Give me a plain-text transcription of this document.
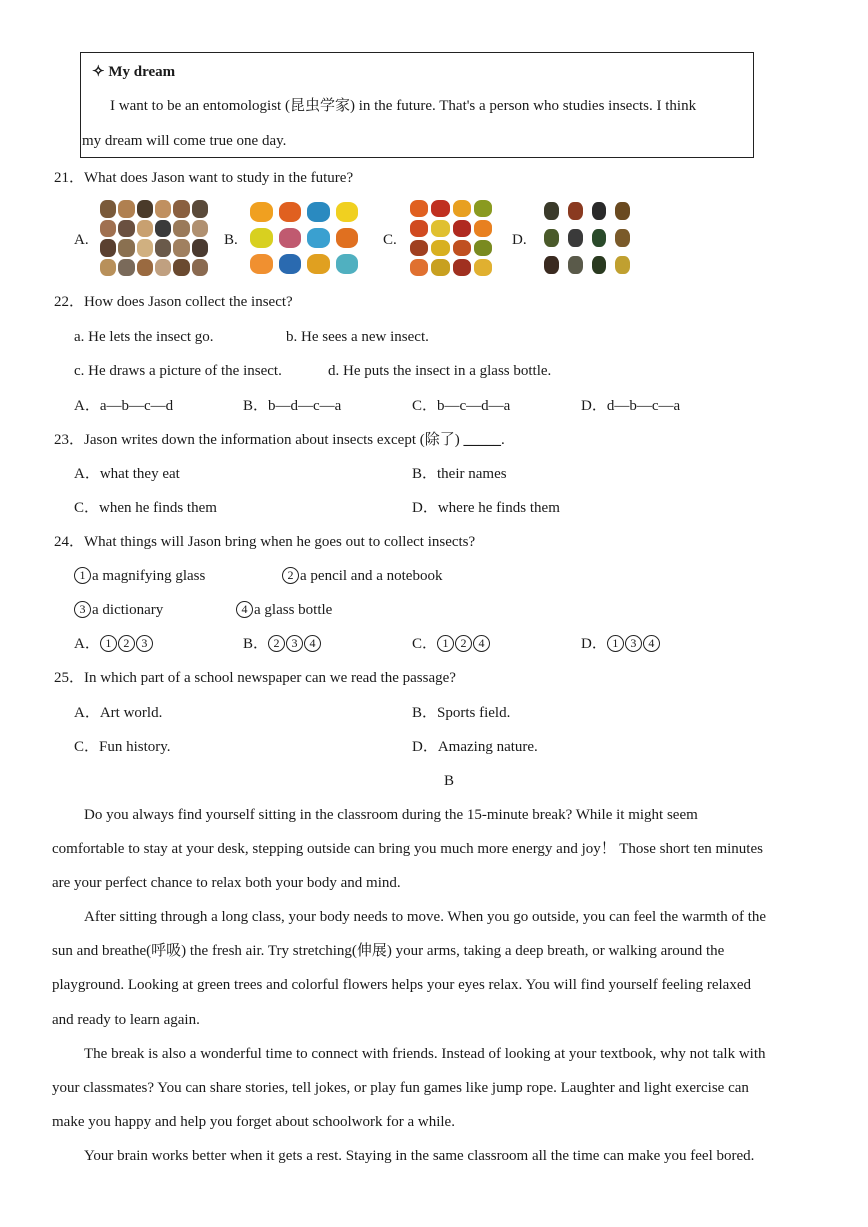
✧ My dream
I want to be an entomologist (昆虫学家) in the future. That's a person who studies insects. I think
my dream will come true one day.
21．What does Jason want to study in the future?
A.	B.	C.	D.
22．How does Jason collect the insect?
a. He lets the insect go.	b. He sees a new insect.
c. He draws a picture of the insect.	d. He puts the insect in a glass bottle.
A．a—b—c—d	B．b—d—c—a	C．b—c—d—a	D．d—b—c—a
23．Jason writes down the information about insects except (除了) _____.
A．what they eat	B．their names
C．when he finds them	D．where he finds them
24．What things will Jason bring when he goes out to collect insects?
1 a magnifying glass	2 a pencil and a notebook
3 a dictionary	4 a glass bottle
A． 1 2 3	B． 2 3 4	C． 1 2 4	D． 1 3 4
25．In which part of a school newspaper can we read the passage?
A．Art world.	B．Sports field.
C．Fun history.	D．Amazing nature.
B
Do you always find yourself sitting in the classroom during the 15-minute break? While it might seem
comfortable to stay at your desk, stepping outside can bring you much more energy and joy！ Those short ten minutes
are your perfect chance to relax both your body and mind.
After sitting through a long class, your body needs to move. When you go outside, you can feel the warmth of the
sun and breathe(呼吸) the fresh air. Try stretching(伸展) your arms, taking a deep breath, or walking around the
playground. Looking at green trees and colorful flowers helps your eyes relax. You will find yourself feeling relaxed
and ready to learn again.
The break is also a wonderful time to connect with friends. Instead of looking at your textbook, why not talk with
your classmates? You can share stories, tell jokes, or play fun games like jump rope. Laughter and light exercise can
make you happy and help you forget about schoolwork for a while.
Your brain works better when it gets a rest. Staying in the same classroom all the time can make you feel bored.
